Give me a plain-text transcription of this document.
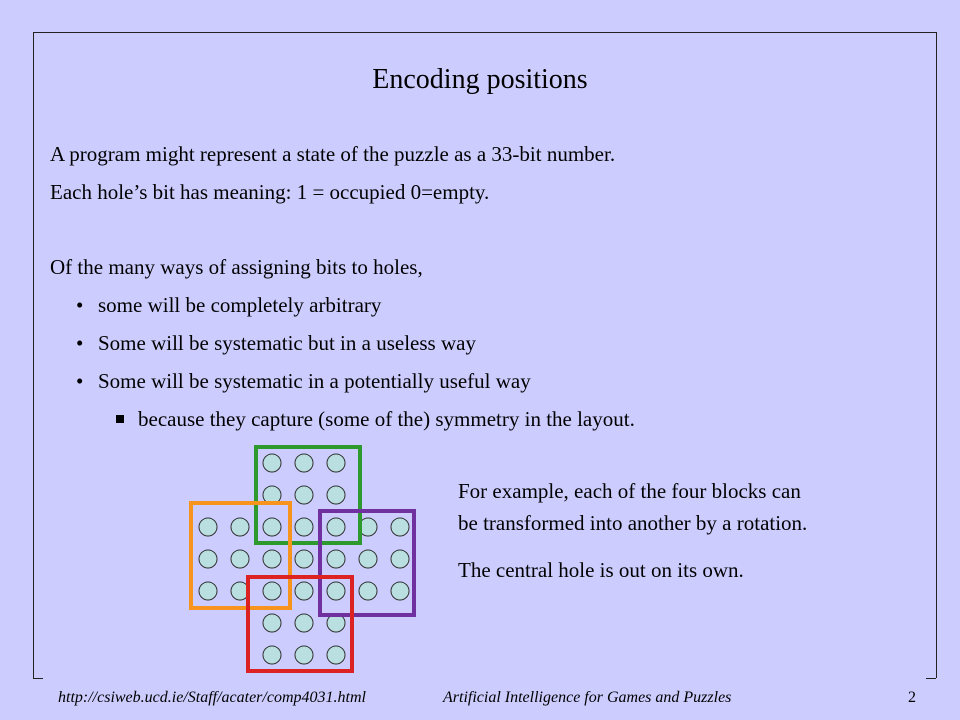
Encoding positions
A program might represent a state of the puzzle as a 33-bit number.
Each hole’s bit has meaning: 1 = occupied 0=empty.
Of the many ways of assigning bits to holes,
• some will be completely arbitrary
• Some will be systematic but in a useless way
• Some will be systematic in a potentially useful way
because they capture (some of the) symmetry in the layout.
For example, each of the four blocks can
be transformed into another by a rotation.
The central hole is out on its own.
http://csiweb.ucd.ie/Staff/acater/comp4031.html	Artificial Intelligence for Games and Puzzles	2
